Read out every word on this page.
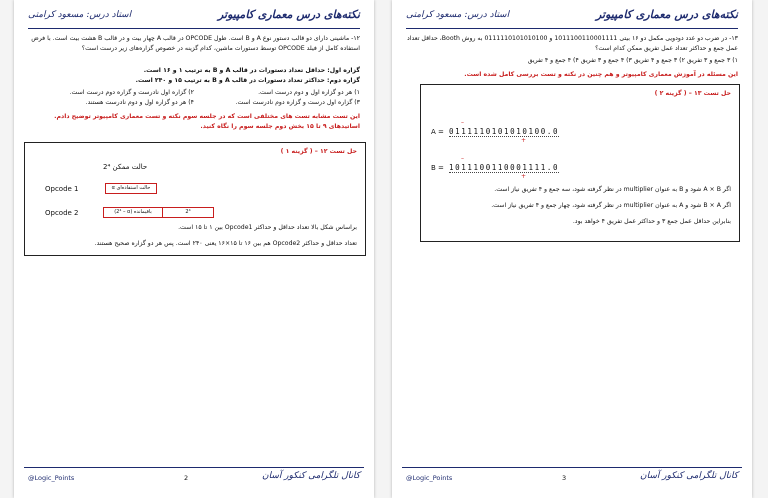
نکته‌های درس معماری کامپیوتر
استاد درس: مسعود کرامتی
۱۲- ماشینی دارای دو قالب دستور نوع A و B است. طول OPCODE در قالب A چهار بیت و در قالب B هشت بیت است. با فرض استفاده کامل از فیلد OPCODE توسط دستورات ماشین، کدام گزینه در خصوص گزاره‌های زیر درست است؟
گزاره اول: حداقل تعداد دستورات در قالب A و B به ترتیب ۱ و ۱۶ است.
گزاره دوم: حداکثر تعداد دستورات در قالب A و B به ترتیب ۱۵ و ۲۴۰ است.
۱) هر دو گزاره اول و دوم درست است.
۲) گزاره اول نادرست و گزاره دوم درست است.
۳) گزاره اول درست و گزاره دوم نادرست است.
۴) هر دو گزاره اول و دوم نادرست هستند.
این تست مشابه تست های مختلفی است که در جلسه سوم نکته و تست معماری کامپیوتر توضیح دادم. اساتیدهای ۹ تا ۱۵ بخش دوم جلسه سوم را نگاه کنید.
حل تست ۱۲ – ( گزینه ۱ )
2⁴ حالت ممکن
Opcode 1	α حالت استفاده‌ای
Opcode 2	(2⁴ – α) باقیمانده	2⁴
براساس شکل بالا تعداد حداقل و حداکثر Opcode1 بین ۱ تا ۱۵ است.
تعداد حداقل و حداکثر Opcode2 هم بین ۱۶ تا ۱۵×۱۶ یعنی ۲۴۰ است. پس هر دو گزاره صحیح هستند.
@Logic_Points	2	کانال تلگرامی کنکور آسان
نکته‌های درس معماری کامپیوتر
استاد درس: مسعود کرامتی
۱۳- در ضرب دو عدد دودویی مکمل دو ۱۶ بیتی 1011100110001111 و 0111110101010100 به روش Booth، حداقل تعداد عمل جمع و حداکثر تعداد عمل تفریق ممکن کدام است؟
۱) ۳ جمع و ۳ تفریق ۲) ۳ جمع و ۴ تفریق ۳) ۴ جمع و ۳ تفریق ۴) ۴ جمع و ۴ تفریق
این مسئله در آموزش معماری کامپیوتر و هم چنین در نکته و تست بررسی کامل شده است.
حل تست ۱۳ – ( گزینه ۲ )
A = 0111110101010100.0
–
+
B = 1011100110001111.0
–
+
اگر A × B شود و B به عنوان multiplier در نظر گرفته شود، سه جمع و ۴ تفریق نیاز است.
اگر B × A شود و A به عنوان multiplier در نظر گرفته شود، چهار جمع و ۴ تفریق نیاز است.
بنابراین حداقل عمل جمع ۳ و حداکثر عمل تفریق ۴ خواهد بود.
@Logic_Points	3	کانال تلگرامی کنکور آسان
